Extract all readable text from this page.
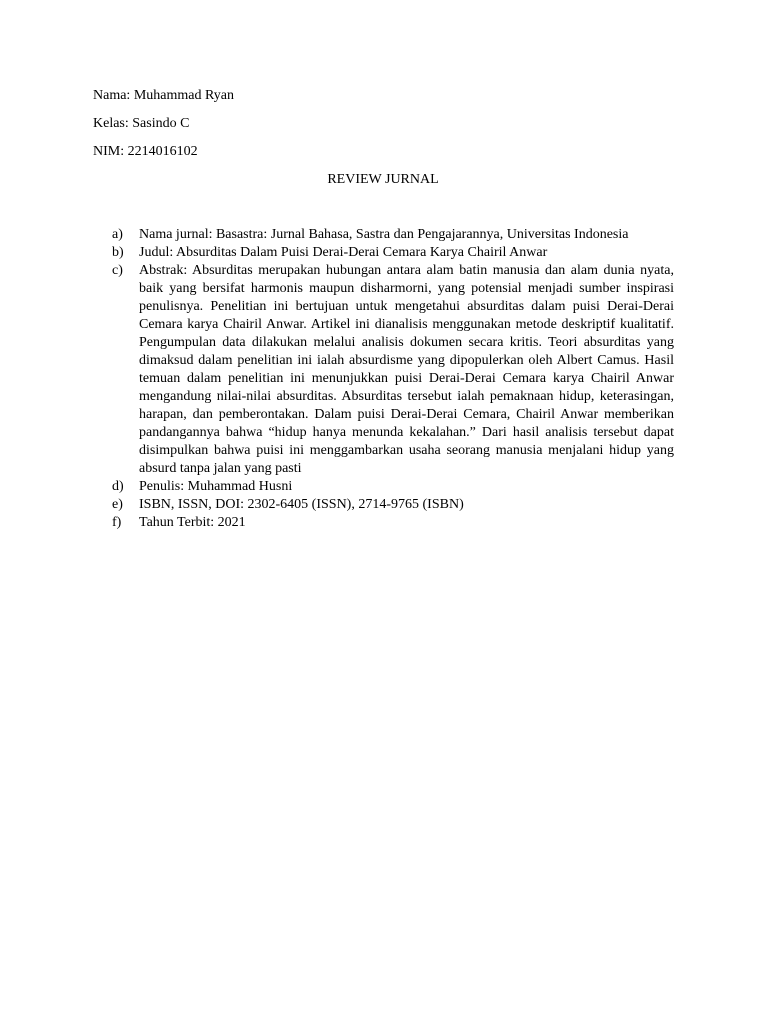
Nama: Muhammad Ryan

Kelas: Sasindo C

NIM: 2214016102

REVIEW JURNAL

a)	Nama jurnal: Basastra: Jurnal Bahasa, Sastra dan Pengajarannya, Universitas Indonesia
b)	Judul: Absurditas Dalam Puisi Derai-Derai Cemara Karya Chairil Anwar
c)	Abstrak: Absurditas merupakan hubungan antara alam batin manusia dan alam dunia nyata, baik yang bersifat harmonis maupun disharmorni, yang potensial menjadi sumber inspirasi penulisnya. Penelitian ini bertujuan untuk mengetahui absurditas dalam puisi Derai-Derai Cemara karya Chairil Anwar. Artikel ini dianalisis menggunakan metode deskriptif kualitatif. Pengumpulan data dilakukan melalui analisis dokumen secara kritis. Teori absurditas yang dimaksud dalam penelitian ini ialah absurdisme yang dipopulerkan oleh Albert Camus. Hasil temuan dalam penelitian ini menunjukkan puisi Derai-Derai Cemara karya Chairil Anwar mengandung nilai-nilai absurditas. Absurditas tersebut ialah pemaknaan hidup, keterasingan, harapan, dan pemberontakan. Dalam puisi Derai-Derai Cemara, Chairil Anwar memberikan pandangannya bahwa “hidup hanya menunda kekalahan.” Dari hasil analisis tersebut dapat disimpulkan bahwa puisi ini menggambarkan usaha seorang manusia menjalani hidup yang absurd tanpa jalan yang pasti
d)	Penulis: Muhammad Husni
e)	ISBN, ISSN, DOI: 2302-6405 (ISSN), 2714-9765 (ISBN)
f)	Tahun Terbit: 2021
